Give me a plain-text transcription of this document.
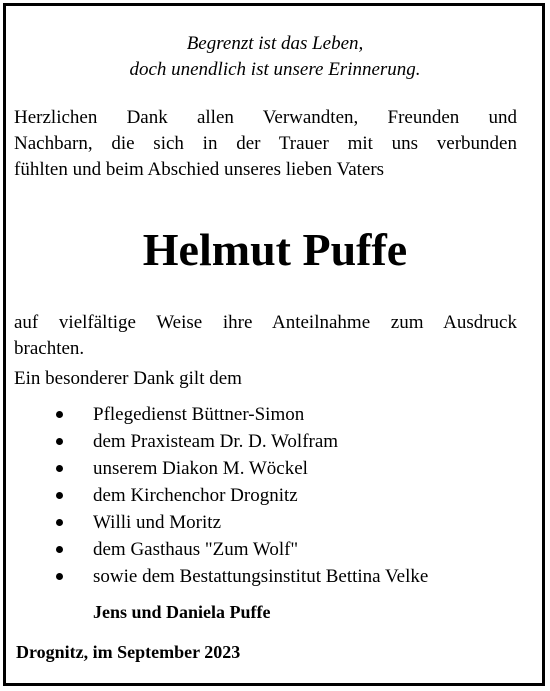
Begrenzt ist das Leben,
doch unendlich ist unsere Erinnerung.
Herzlichen Dank allen Verwandten, Freunden und
Nachbarn, die sich in der Trauer mit uns verbunden
fühlten und beim Abschied unseres lieben Vaters
Helmut Puffe
auf vielfältige Weise ihre Anteilnahme zum Ausdruck
brachten.
Ein besonderer Dank gilt dem
Pflegedienst Büttner-Simon
dem Praxisteam Dr. D. Wolfram
unserem Diakon M. Wöckel
dem Kirchenchor Drognitz
Willi und Moritz
dem Gasthaus "Zum Wolf"
sowie dem Bestattungsinstitut Bettina Velke
Jens und Daniela Puffe
Drognitz, im September 2023
